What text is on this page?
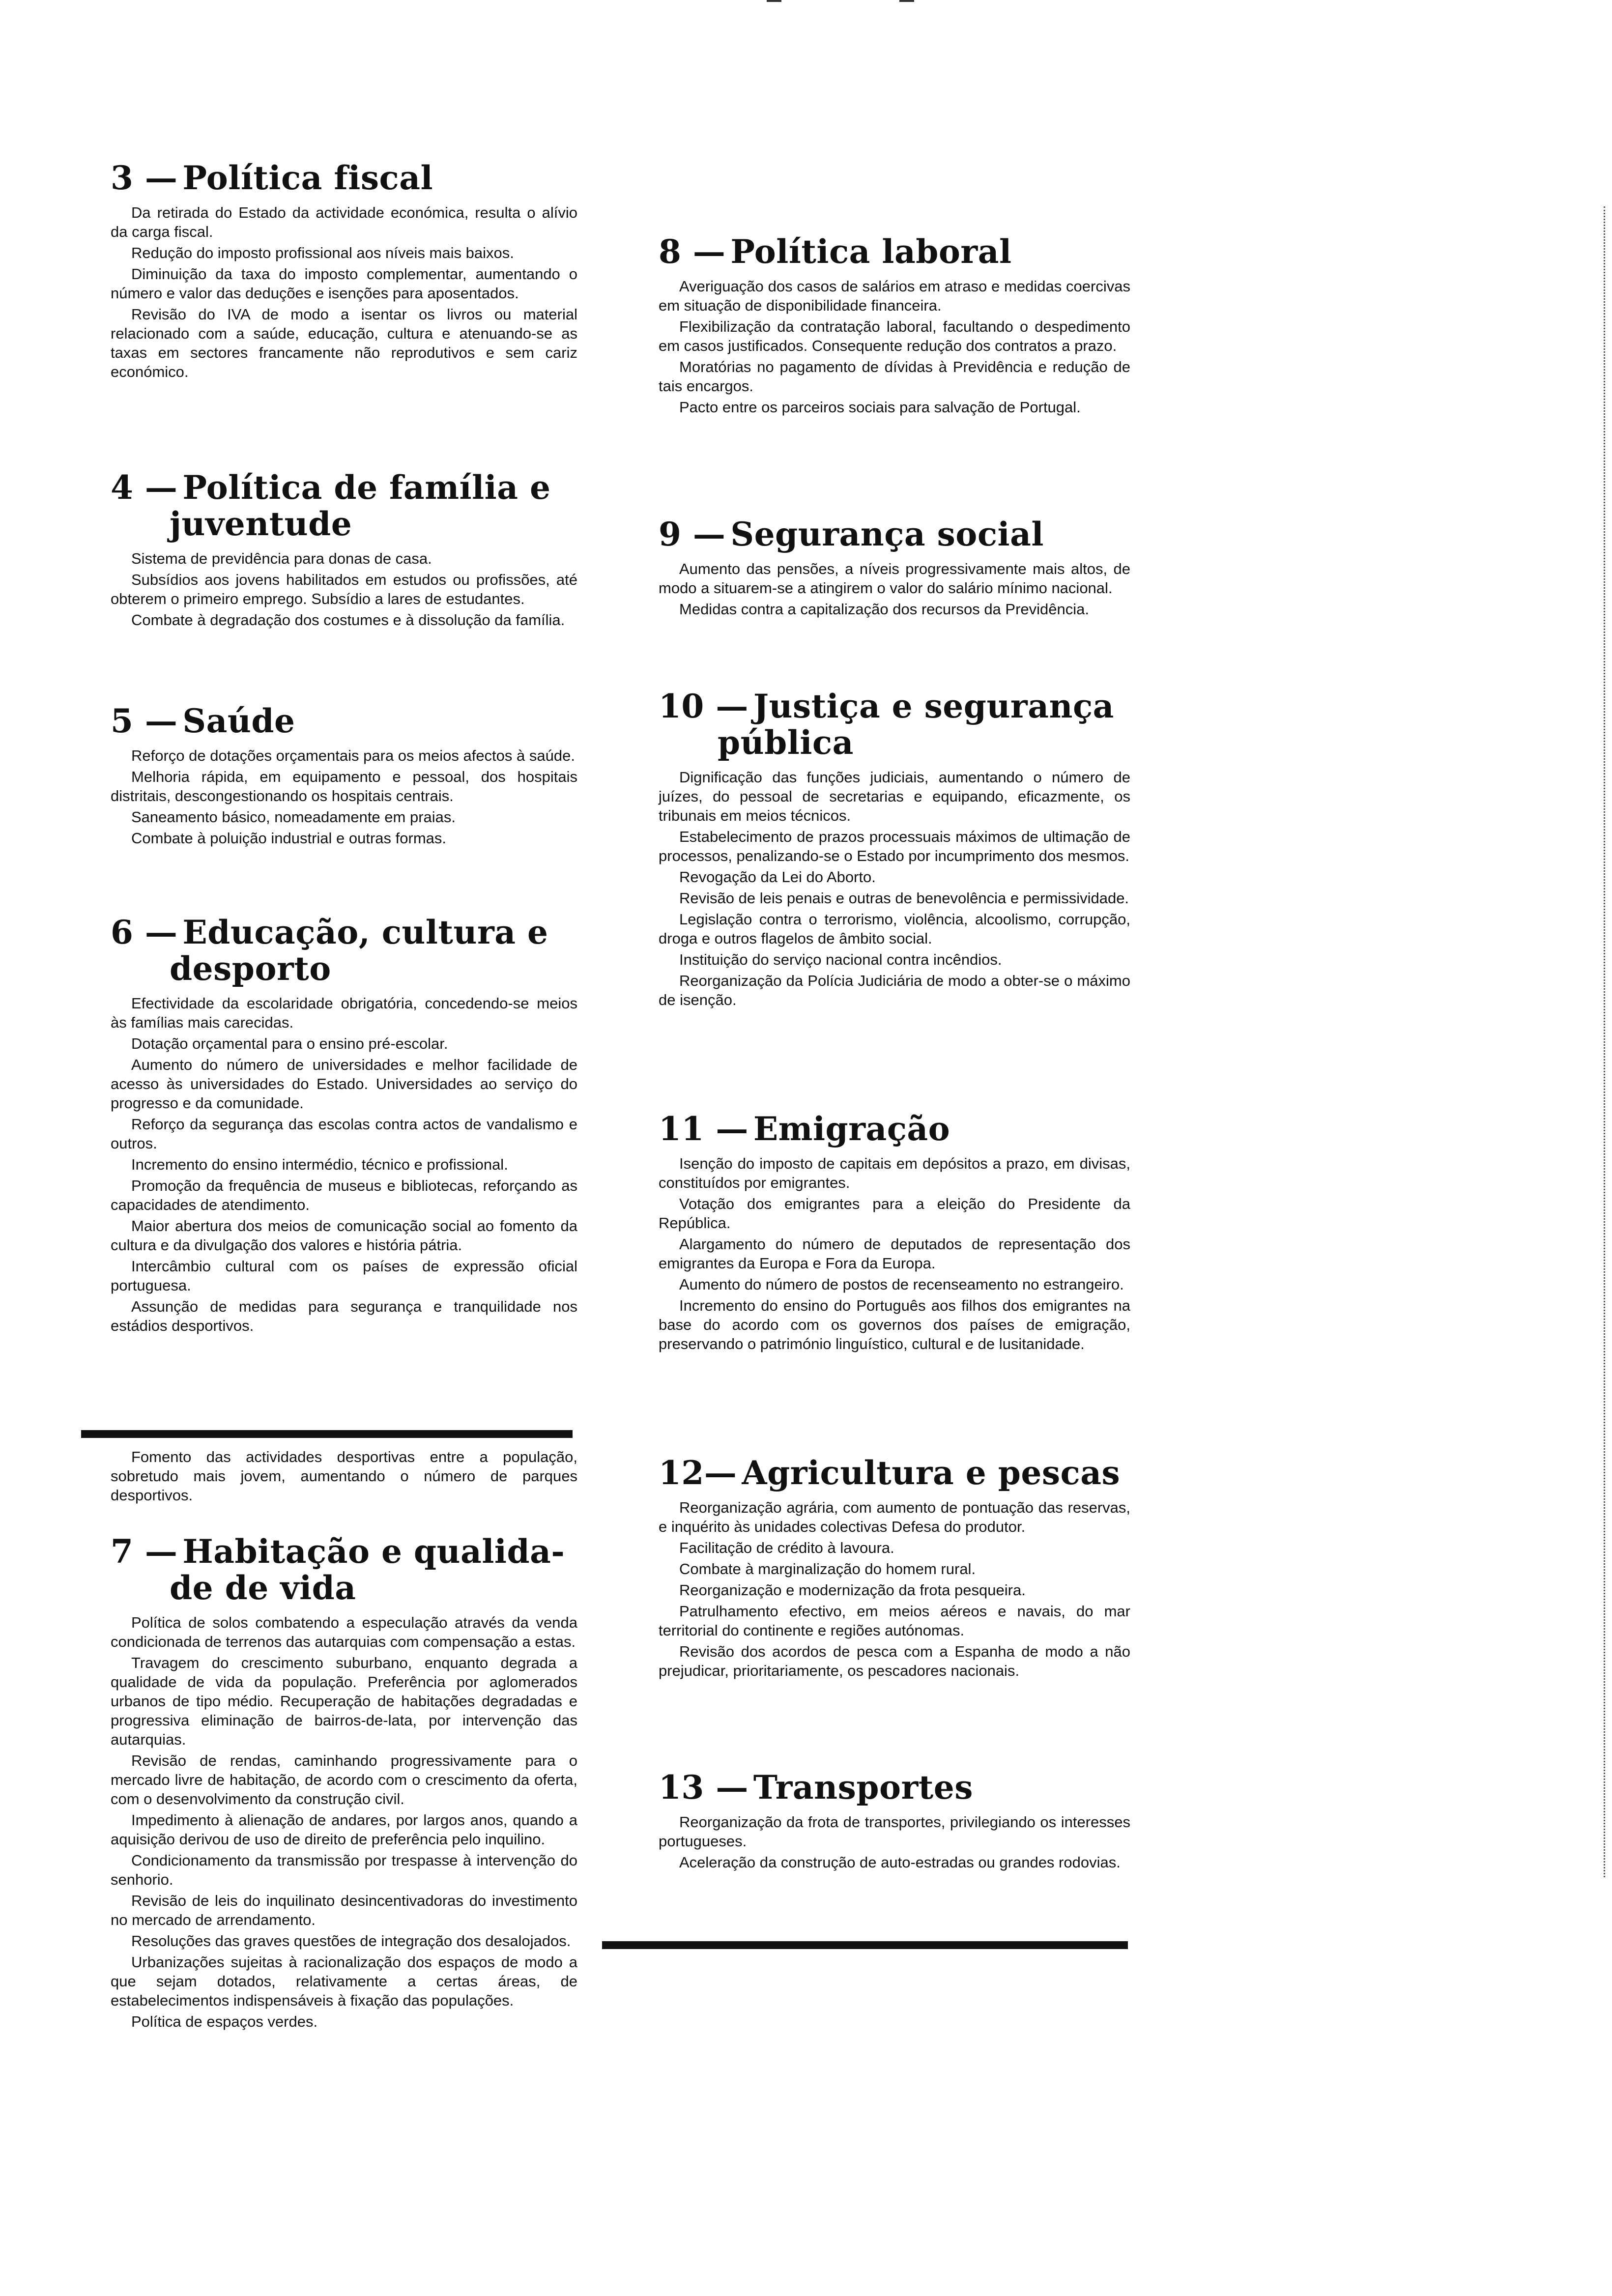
3 — Política fiscal

Da retirada do Estado da actividade económica, resulta o alívio da carga fiscal.

Redução do imposto profissional aos níveis mais baixos.

Diminuição da taxa do imposto complementar, aumentando o número e valor das deduções e isenções para aposentados.

Revisão do IVA de modo a isentar os livros ou material relacionado com a saúde, educação, cultura e atenuando-se as taxas em sectores francamente não reprodutivos e sem cariz económico.

4 — Política de família e
juventude

Sistema de previdência para donas de casa.

Subsídios aos jovens habilitados em estudos ou profissões, até obterem o primeiro emprego. Subsídio a lares de estudantes.

Combate à degradação dos costumes e à dissolução da família.

5 — Saúde

Reforço de dotações orçamentais para os meios afectos à saúde.

Melhoria rápida, em equipamento e pessoal, dos hospitais distritais, descongestionando os hospitais centrais.

Saneamento básico, nomeadamente em praias.

Combate à poluição industrial e outras formas.

6 — Educação, cultura e
desporto

Efectividade da escolaridade obrigatória, concedendo-se meios às famílias mais carecidas.

Dotação orçamental para o ensino pré-escolar.

Aumento do número de universidades e melhor facilidade de acesso às universidades do Estado. Universidades ao serviço do progresso e da comunidade.

Reforço da segurança das escolas contra actos de vandalismo e outros.

Incremento do ensino intermédio, técnico e profissional.

Promoção da frequência de museus e bibliotecas, reforçando as capacidades de atendimento.

Maior abertura dos meios de comunicação social ao fomento da cultura e da divulgação dos valores e história pátria.

Intercâmbio cultural com os países de expressão oficial portuguesa.

Assunção de medidas para segurança e tranquilidade nos estádios desportivos.

Fomento das actividades desportivas entre a população, sobretudo mais jovem, aumentando o número de parques desportivos.

7 — Habitação e qualida-
de de vida

Política de solos combatendo a especulação através da venda condicionada de terrenos das autarquias com compensação a estas.

Travagem do crescimento suburbano, enquanto degrada a qualidade de vida da população. Preferência por aglomerados urbanos de tipo médio. Recuperação de habitações degradadas e progressiva eliminação de bairros-de-lata, por intervenção das autarquias.

Revisão de rendas, caminhando progressivamente para o mercado livre de habitação, de acordo com o crescimento da oferta, com o desenvolvimento da construção civil.

Impedimento à alienação de andares, por largos anos, quando a aquisição derivou de uso de direito de preferência pelo inquilino.

Condicionamento da transmissão por trespasse à intervenção do senhorio.

Revisão de leis do inquilinato desincentivadoras do investimento no mercado de arrendamento.

Resoluções das graves questões de integração dos desalojados.

Urbanizações sujeitas à racionalização dos espaços de modo a que sejam dotados, relativamente a certas áreas, de estabelecimentos indispensáveis à fixação das populações.

Política de espaços verdes.

8 — Política laboral

Averiguação dos casos de salários em atraso e medidas coercivas em situação de disponibilidade financeira.

Flexibilização da contratação laboral, facultando o despedimento em casos justificados. Consequente redução dos contratos a prazo.

Moratórias no pagamento de dívidas à Previdência e redução de tais encargos.

Pacto entre os parceiros sociais para salvação de Portugal.

9 — Segurança social

Aumento das pensões, a níveis progressivamente mais altos, de modo a situarem-se a atingirem o valor do salário mínimo nacional.

Medidas contra a capitalização dos recursos da Previdência.

10 — Justiça e segurança
pública

Dignificação das funções judiciais, aumentando o número de juízes, do pessoal de secretarias e equipando, eficazmente, os tribunais em meios técnicos.

Estabelecimento de prazos processuais máximos de ultimação de processos, penalizando-se o Estado por incumprimento dos mesmos.

Revogação da Lei do Aborto.

Revisão de leis penais e outras de benevolência e permissividade.

Legislação contra o terrorismo, violência, alcoolismo, corrupção, droga e outros flagelos de âmbito social.

Instituição do serviço nacional contra incêndios.

Reorganização da Polícia Judiciária de modo a obter-se o máximo de isenção.

11 — Emigração

Isenção do imposto de capitais em depósitos a prazo, em divisas, constituídos por emigrantes.

Votação dos emigrantes para a eleição do Presidente da República.

Alargamento do número de deputados de representação dos emigrantes da Europa e Fora da Europa.

Aumento do número de postos de recenseamento no estrangeiro.

Incremento do ensino do Português aos filhos dos emigrantes na base do acordo com os governos dos países de emigração, preservando o património linguístico, cultural e de lusitanidade.

12— Agricultura e pescas

Reorganização agrária, com aumento de pontuação das reservas, e inquérito às unidades colectivas Defesa do produtor.

Facilitação de crédito à lavoura.

Combate à marginalização do homem rural.

Reorganização e modernização da frota pesqueira.

Patrulhamento efectivo, em meios aéreos e navais, do mar territorial do continente e regiões autónomas.

Revisão dos acordos de pesca com a Espanha de modo a não prejudicar, prioritariamente, os pescadores nacionais.

13 — Transportes

Reorganização da frota de transportes, privilegiando os interesses portugueses.

Aceleração da construção de auto-estradas ou grandes rodovias.
